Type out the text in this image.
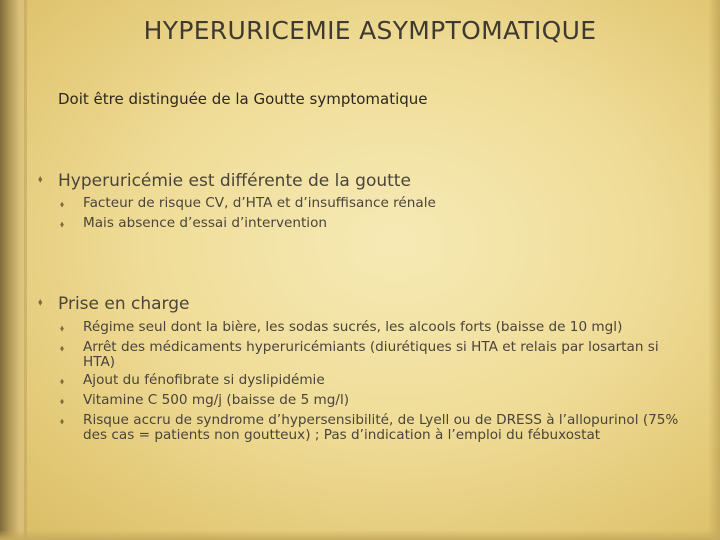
HYPERURICEMIE ASYMPTOMATIQUE
Doit être distinguée de la Goutte symptomatique
⬧ Hyperuricémie est différente de la goutte
⬧	Facteur de risque CV, d’HTA et d’insuffisance rénale
⬧	Mais absence d’essai d’intervention
⬧ Prise en charge
⬧	Régime seul dont la bière, les sodas sucrés, les alcools forts (baisse de 10 mgl)
⬧	Arrêt des médicaments hyperuricémiants (diurétiques si HTA et relais par losartan si HTA)
⬧	Ajout du fénofibrate si dyslipidémie
⬧	Vitamine C 500 mg/j (baisse de 5 mg/l)
⬧	Risque accru de syndrome d’hypersensibilité, de Lyell ou de DRESS à l’allopurinol (75% des cas = patients non goutteux) ; Pas d’indication à l’emploi du fébuxostat
